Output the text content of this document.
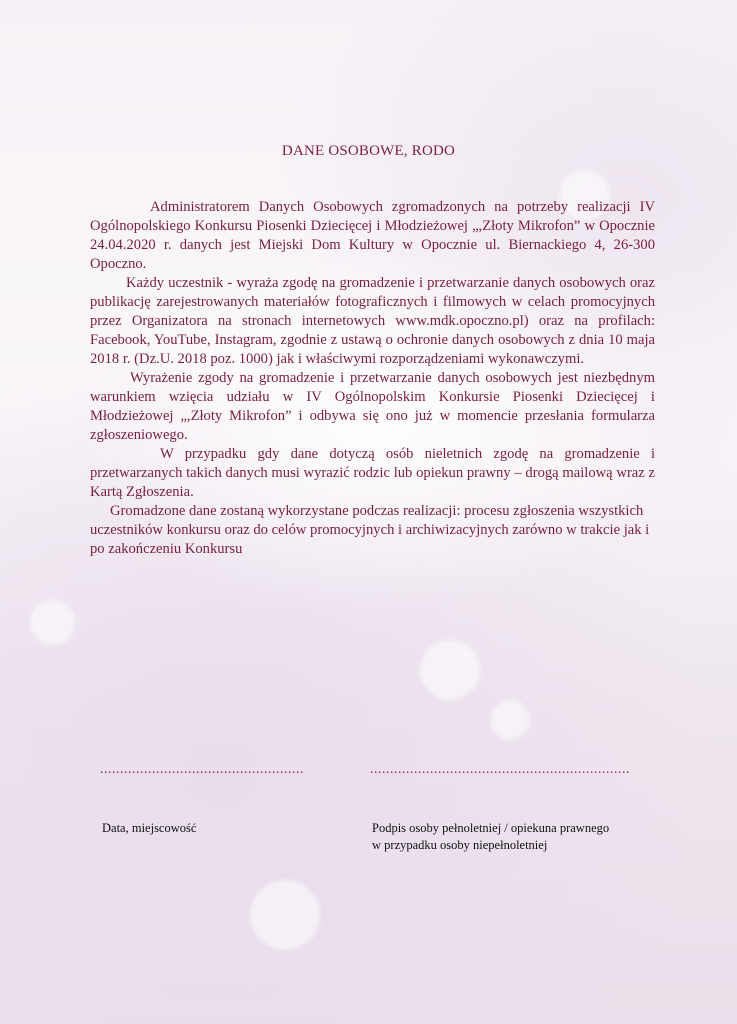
DANE OSOBOWE, RODO

Administratorem Danych Osobowych zgromadzonych na potrzeby realizacji IV Ogólnopolskiego Konkursu Piosenki Dziecięcej i Młodzieżowej „,Złoty Mikrofon” w Opocznie 24.04.2020 r. danych jest Miejski Dom Kultury w Opocznie ul. Biernackiego 4, 26-300 Opoczno.

Każdy uczestnik - wyraża zgodę na gromadzenie i przetwarzanie danych osobowych oraz publikację zarejestrowanych materiałów fotograficznych i filmowych w celach promocyjnych przez Organizatora na stronach internetowych www.mdk.opoczno.pl) oraz na profilach: Facebook, YouTube, Instagram, zgodnie z ustawą o ochronie danych osobowych z dnia 10 maja 2018 r. (Dz.U. 2018 poz. 1000) jak i właściwymi rozporządzeniami wykonawczymi.

Wyrażenie zgody na gromadzenie i przetwarzanie danych osobowych jest niezbędnym warunkiem wzięcia udziału w IV Ogólnopolskim Konkursie Piosenki Dziecięcej i Młodzieżowej „,Złoty Mikrofon” i odbywa się ono już w momencie przesłania formularza zgłoszeniowego.

W przypadku gdy dane dotyczą osób nieletnich zgodę na gromadzenie i przetwarzanych takich danych musi wyrazić rodzic lub opiekun prawny – drogą mailową wraz z Kartą Zgłoszenia.

Gromadzone dane zostaną wykorzystane podczas realizacji: procesu zgłoszenia wszystkich uczestników konkursu oraz do celów promocyjnych i archiwizacyjnych zarówno w trakcie jak i po zakończeniu Konkursu

...................................................	.................................................................
Data, miejscowość	Podpis osoby pełnoletniej / opiekuna prawnego
w przypadku osoby niepełnoletniej
